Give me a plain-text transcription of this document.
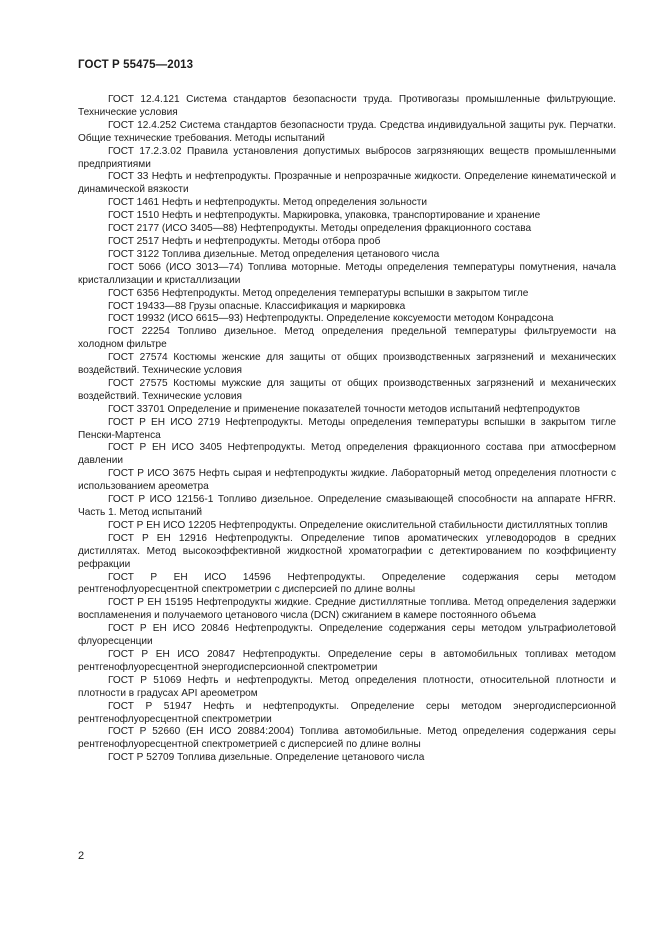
ГОСТ Р 55475—2013

ГОСТ 12.4.121 Система стандартов безопасности труда. Противогазы промышленные фильтрующие. Технические условия

ГОСТ 12.4.252 Система стандартов безопасности труда. Средства индивидуальной защиты рук. Перчатки. Общие технические требования. Методы испытаний

ГОСТ 17.2.3.02 Правила установления допустимых выбросов загрязняющих веществ промышленными предприятиями

ГОСТ 33 Нефть и нефтепродукты. Прозрачные и непрозрачные жидкости. Определение кинематической и динамической вязкости

ГОСТ 1461 Нефть и нефтепродукты. Метод определения зольности

ГОСТ 1510 Нефть и нефтепродукты. Маркировка, упаковка, транспортирование и хранение

ГОСТ 2177 (ИСО 3405—88) Нефтепродукты. Методы определения фракционного состава

ГОСТ 2517 Нефть и нефтепродукты. Методы отбора проб

ГОСТ 3122 Топлива дизельные. Метод определения цетанового числа

ГОСТ 5066 (ИСО 3013—74) Топлива моторные. Методы определения температуры помутнения, начала кристаллизации и кристаллизации

ГОСТ 6356 Нефтепродукты. Метод определения температуры вспышки в закрытом тигле

ГОСТ 19433—88 Грузы опасные. Классификация и маркировка

ГОСТ 19932 (ИСО 6615—93) Нефтепродукты. Определение коксуемости методом Конрадсона

ГОСТ 22254 Топливо дизельное. Метод определения предельной температуры фильтруемости на холодном фильтре

ГОСТ 27574 Костюмы женские для защиты от общих производственных загрязнений и механических воздействий. Технические условия

ГОСТ 27575 Костюмы мужские для защиты от общих производственных загрязнений и механических воздействий. Технические условия

ГОСТ 33701 Определение и применение показателей точности методов испытаний нефтепродуктов

ГОСТ Р ЕН ИСО 2719 Нефтепродукты. Методы определения температуры вспышки в закрытом тигле Пенски-Мартенса

ГОСТ Р ЕН ИСО 3405 Нефтепродукты. Метод определения фракционного состава при атмосферном давлении

ГОСТ Р ИСО 3675 Нефть сырая и нефтепродукты жидкие. Лабораторный метод определения плотности с использованием ареометра

ГОСТ Р ИСО 12156-1 Топливо дизельное. Определение смазывающей способности на аппарате HFRR. Часть 1. Метод испытаний

ГОСТ Р ЕН ИСО 12205 Нефтепродукты. Определение окислительной стабильности дистиллятных топлив

ГОСТ Р ЕН 12916 Нефтепродукты. Определение типов ароматических углеводородов в средних дистиллятах. Метод высокоэффективной жидкостной хроматографии с детектированием по коэффициенту рефракции

ГОСТ Р ЕН ИСО 14596 Нефтепродукты. Определение содержания серы методом рентгенофлуоресцентной спектрометрии с дисперсией по длине волны

ГОСТ Р ЕН 15195 Нефтепродукты жидкие. Средние дистиллятные топлива. Метод определения задержки воспламенения и получаемого цетанового числа (DCN) сжиганием в камере постоянного объема

ГОСТ Р ЕН ИСО 20846 Нефтепродукты. Определение содержания серы методом ультрафиолетовой флуоресценции

ГОСТ Р ЕН ИСО 20847 Нефтепродукты. Определение серы в автомобильных топливах методом рентгенофлуоресцентной энергодисперсионной спектрометрии

ГОСТ Р 51069 Нефть и нефтепродукты. Метод определения плотности, относительной плотности и плотности в градусах API ареометром

ГОСТ Р 51947 Нефть и нефтепродукты. Определение серы методом энергодисперсионной рентгенофлуоресцентной спектрометрии

ГОСТ Р 52660 (ЕН ИСО 20884:2004) Топлива автомобильные. Метод определения содержания серы рентгенофлуоресцентной спектрометрией с дисперсией по длине волны

ГОСТ Р 52709 Топлива дизельные. Определение цетанового числа

2
